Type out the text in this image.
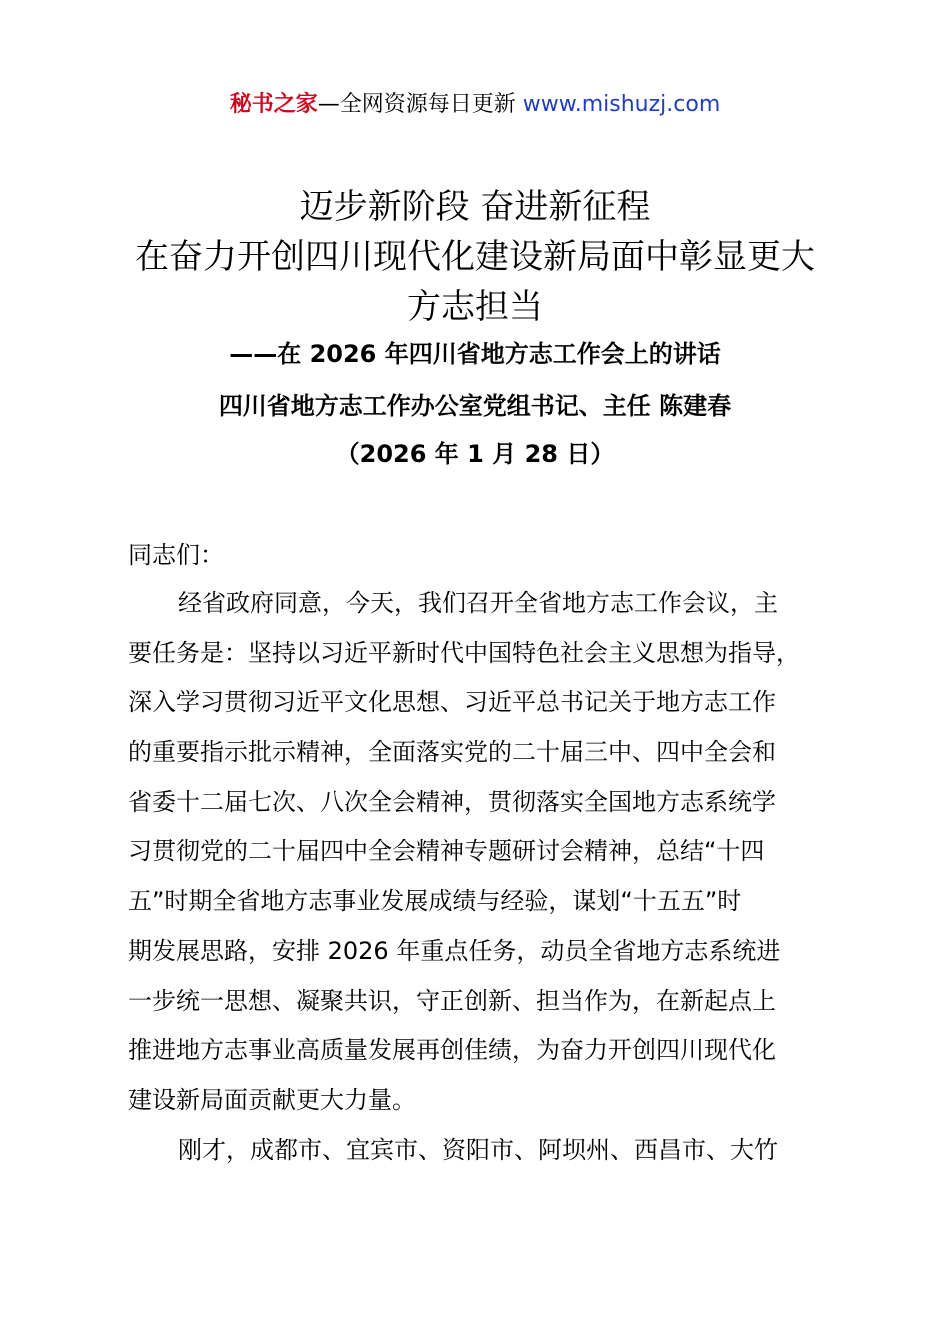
秘书之家—全网资源每日更新 www.mishuzj.com
迈步新阶段 奋进新征程
在奋力开创四川现代化建设新局面中彰显更大
方志担当
——在 2026 年四川省地方志工作会上的讲话
四川省地方志工作办公室党组书记、主任 陈建春
（2026 年 1 月 28 日）
同志们：
经省政府同意，今天，我们召开全省地方志工作会议，主
要任务是：坚持以习近平新时代中国特色社会主义思想为指导，
深入学习贯彻习近平文化思想、习近平总书记关于地方志工作
的重要指示批示精神，全面落实党的二十届三中、四中全会和
省委十二届七次、八次全会精神，贯彻落实全国地方志系统学
习贯彻党的二十届四中全会精神专题研讨会精神，总结“十四
五”时期全省地方志事业发展成绩与经验，谋划“十五五”时
期发展思路，安排 2026 年重点任务，动员全省地方志系统进
一步统一思想、凝聚共识，守正创新、担当作为，在新起点上
推进地方志事业高质量发展再创佳绩，为奋力开创四川现代化
建设新局面贡献更大力量。
刚才，成都市、宜宾市、资阳市、阿坝州、西昌市、大竹
